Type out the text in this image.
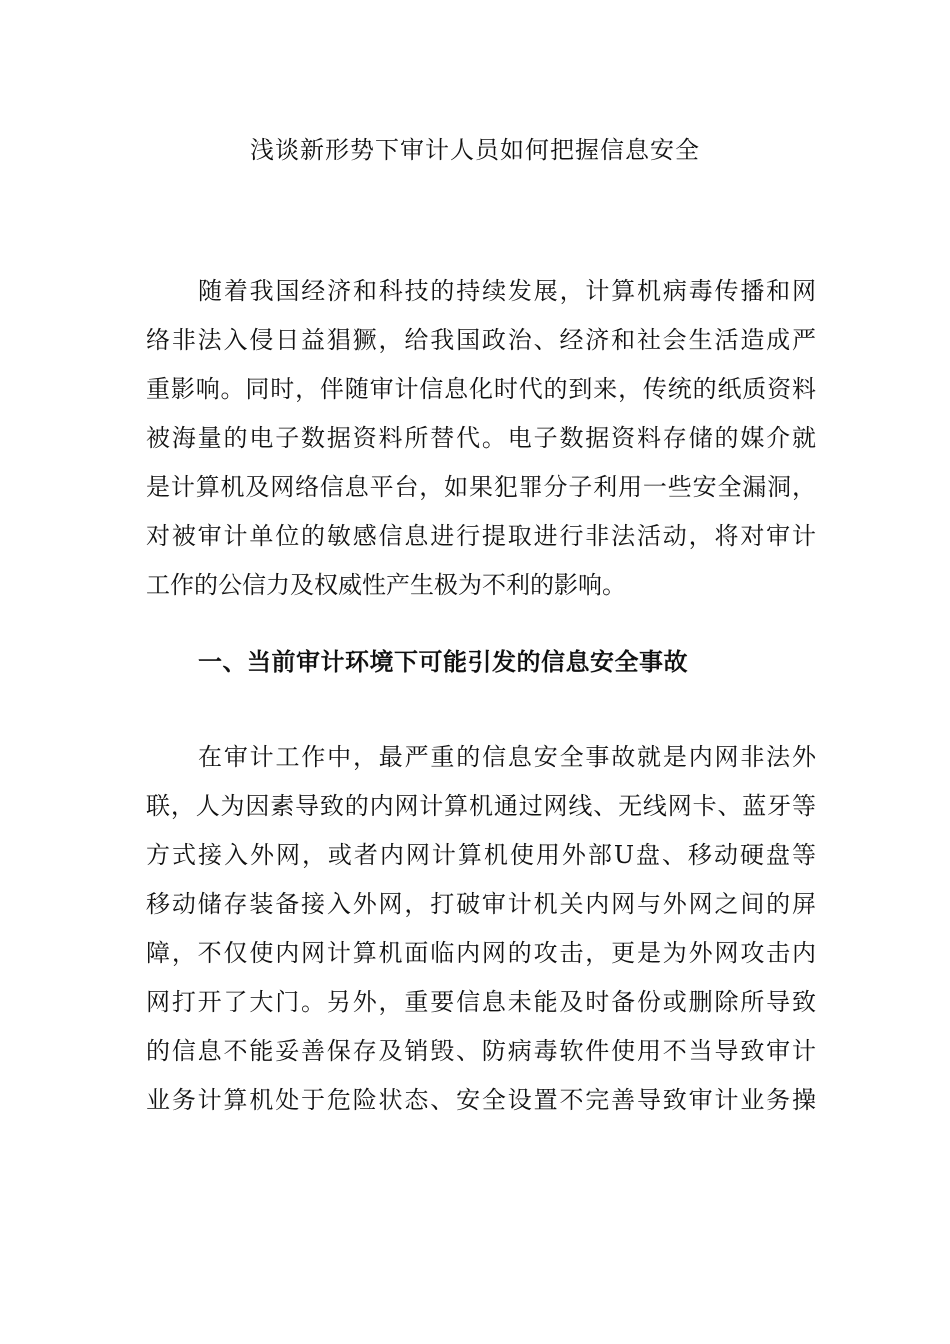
浅谈新形势下审计人员如何把握信息安全
随着我国经济和科技的持续发展，计算机病毒传播和网
络非法入侵日益猖獗，给我国政治、经济和社会生活造成严
重影响。同时，伴随审计信息化时代的到来，传统的纸质资料
被海量的电子数据资料所替代。电子数据资料存储的媒介就
是计算机及网络信息平台，如果犯罪分子利用一些安全漏洞，
对被审计单位的敏感信息进行提取进行非法活动，将对审计
工作的公信力及权威性产生极为不利的影响。
一、当前审计环境下可能引发的信息安全事故
在审计工作中，最严重的信息安全事故就是内网非法外
联，人为因素导致的内网计算机通过网线、无线网卡、蓝牙等
方式接入外网，或者内网计算机使用外部U盘、移动硬盘等
移动储存装备接入外网，打破审计机关内网与外网之间的屏
障，不仅使内网计算机面临内网的攻击，更是为外网攻击内
网打开了大门。另外，重要信息未能及时备份或删除所导致
的信息不能妥善保存及销毁、防病毒软件使用不当导致审计
业务计算机处于危险状态、安全设置不完善导致审计业务操
